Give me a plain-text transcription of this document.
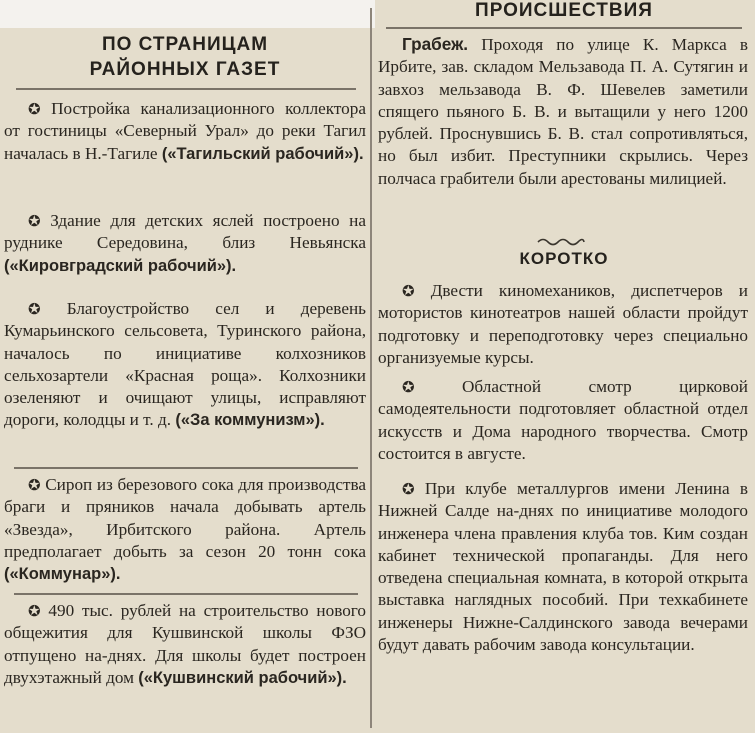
ПО СТРАНИЦАМ
РАЙОННЫХ ГАЗЕТ
✪ Постройка канализационного коллектора от гостиницы «Северный Урал» до реки Тагил началась в Н.-Тагиле («Тагильский рабочий»).
✪ Здание для детских яслей построено на руднике Середовина, близ Невьянска («Кировградский рабочий»).
✪ Благоустройство сел и деревень Кумарьинского сельсовета, Туринского района, началось по инициативе колхозников сельхозартели «Красная роща». Колхозники озеленяют и очищают улицы, исправляют дороги, колодцы и т. д. («За коммунизм»).
✪ Сироп из березового сока для производства браги и пряников начала добывать артель «Звезда», Ирбитского района. Артель предполагает добыть за сезон 20 тонн сока («Коммунар»).
✪ 490 тыс. рублей на строительство нового общежития для Кушвинской школы ФЗО отпущено на-днях. Для школы будет построен двухэтажный дом («Кушвинский рабочий»).
ПРОИСШЕСТВИЯ
Грабеж. Проходя по улице К. Маркса в Ирбите, зав. складом Мельзавода П. А. Сутягин и завхоз мельзавода В. Ф. Шевелев заметили спящего пьяного Б. В. и вытащили у него 1200 рублей. Проснувшись Б. В. стал сопротивляться, но был избит. Преступники скрылись. Через полчаса грабители были арестованы милицией.
КОРОТКО
✪ Двести киномехаников, диспетчеров и мотористов кинотеатров нашей области пройдут подготовку и переподготовку через специально организуемые курсы.
✪	Областной смотр цирковой самодеятельности подготовляет областной отдел искусств и Дома народного творчества. Смотр состоится в августе.
✪ При клубе металлургов имени Ленина в Нижней Салде на-днях по инициативе молодого инженера члена правления клуба тов. Ким создан кабинет технической пропаганды. Для него отведена специальная комната, в которой открыта выставка наглядных пособий. При техкабинете инженеры Нижне-Салдинского завода вечерами будут давать рабочим завода консультации.
